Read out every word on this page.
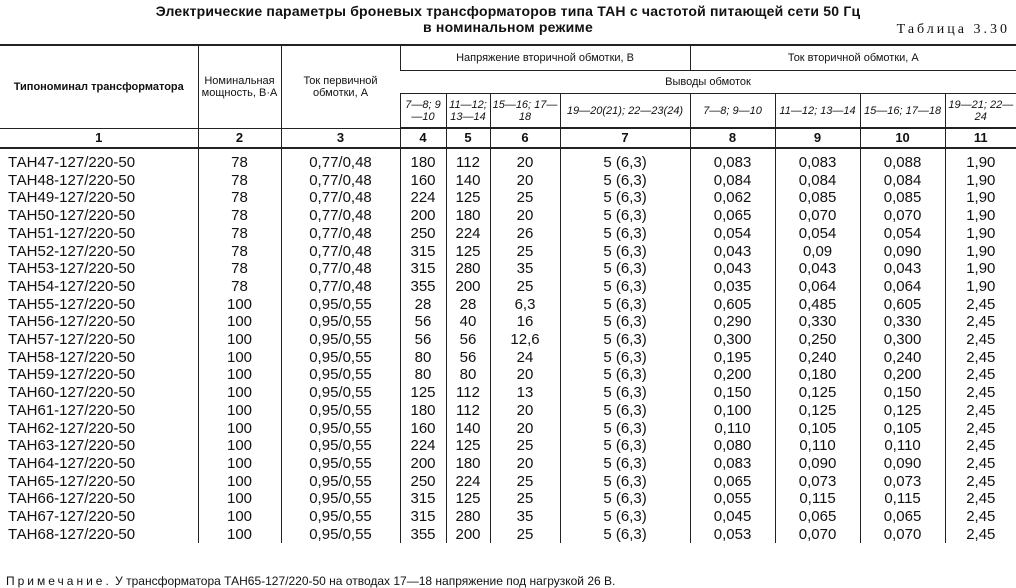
Электрические параметры броневых трансформаторов типа ТАН с частотой питающей сети 50 Гц
в номинальном режиме	Таблица 3.30
Типономинал трансформатора	Номинальная мощность, В·А	Ток первичной обмотки, А	Напряжение вторичной обмотки, В				Ток вторичной обмотки, А			
			Выводы обмоток							
			7—8; 9—10	11—12; 13—14	15—16; 17—18	19—20(21); 22—23(24)	7—8; 9—10	11—12; 13—14	15—16; 17—18	19—21; 22—24
1	2	3	4	5	6	7	8	9	10	11

ТАН47-127/220-50	78	0,77/0,48	180	112	20	5 (6,3)	0,083	0,083	0,088	1,90
ТАН48-127/220-50	78	0,77/0,48	160	140	20	5 (6,3)	0,084	0,084	0,084	1,90
ТАН49-127/220-50	78	0,77/0,48	224	125	25	5 (6,3)	0,062	0,085	0,085	1,90
ТАН50-127/220-50	78	0,77/0,48	200	180	20	5 (6,3)	0,065	0,070	0,070	1,90
ТАН51-127/220-50	78	0,77/0,48	250	224	26	5 (6,3)	0,054	0,054	0,054	1,90
ТАН52-127/220-50	78	0,77/0,48	315	125	25	5 (6,3)	0,043	0,09	0,090	1,90
ТАН53-127/220-50	78	0,77/0,48	315	280	35	5 (6,3)	0,043	0,043	0,043	1,90
ТАН54-127/220-50	78	0,77/0,48	355	200	25	5 (6,3)	0,035	0,064	0,064	1,90
ТАН55-127/220-50	100	0,95/0,55	28	28	6,3	5 (6,3)	0,605	0,485	0,605	2,45
ТАН56-127/220-50	100	0,95/0,55	56	40	16	5 (6,3)	0,290	0,330	0,330	2,45
ТАН57-127/220-50	100	0,95/0,55	56	56	12,6	5 (6,3)	0,300	0,250	0,300	2,45
ТАН58-127/220-50	100	0,95/0,55	80	56	24	5 (6,3)	0,195	0,240	0,240	2,45
ТАН59-127/220-50	100	0,95/0,55	80	80	20	5 (6,3)	0,200	0,180	0,200	2,45
ТАН60-127/220-50	100	0,95/0,55	125	112	13	5 (6,3)	0,150	0,125	0,150	2,45
ТАН61-127/220-50	100	0,95/0,55	180	112	20	5 (6,3)	0,100	0,125	0,125	2,45
ТАН62-127/220-50	100	0,95/0,55	160	140	20	5 (6,3)	0,110	0,105	0,105	2,45
ТАН63-127/220-50	100	0,95/0,55	224	125	25	5 (6,3)	0,080	0,110	0,110	2,45
ТАН64-127/220-50	100	0,95/0,55	200	180	20	5 (6,3)	0,083	0,090	0,090	2,45
ТАН65-127/220-50	100	0,95/0,55	250	224	25	5 (6,3)	0,065	0,073	0,073	2,45
ТАН66-127/220-50	100	0,95/0,55	315	125	25	5 (6,3)	0,055	0,115	0,115	2,45
ТАН67-127/220-50	100	0,95/0,55	315	280	35	5 (6,3)	0,045	0,065	0,065	2,45
ТАН68-127/220-50	100	0,95/0,55	355	200	25	5 (6,3)	0,053	0,070	0,070	2,45
Примечание. У трансформатора ТАН65-127/220-50 на отводах 17—18 напряжение под нагрузкой 26 В.
